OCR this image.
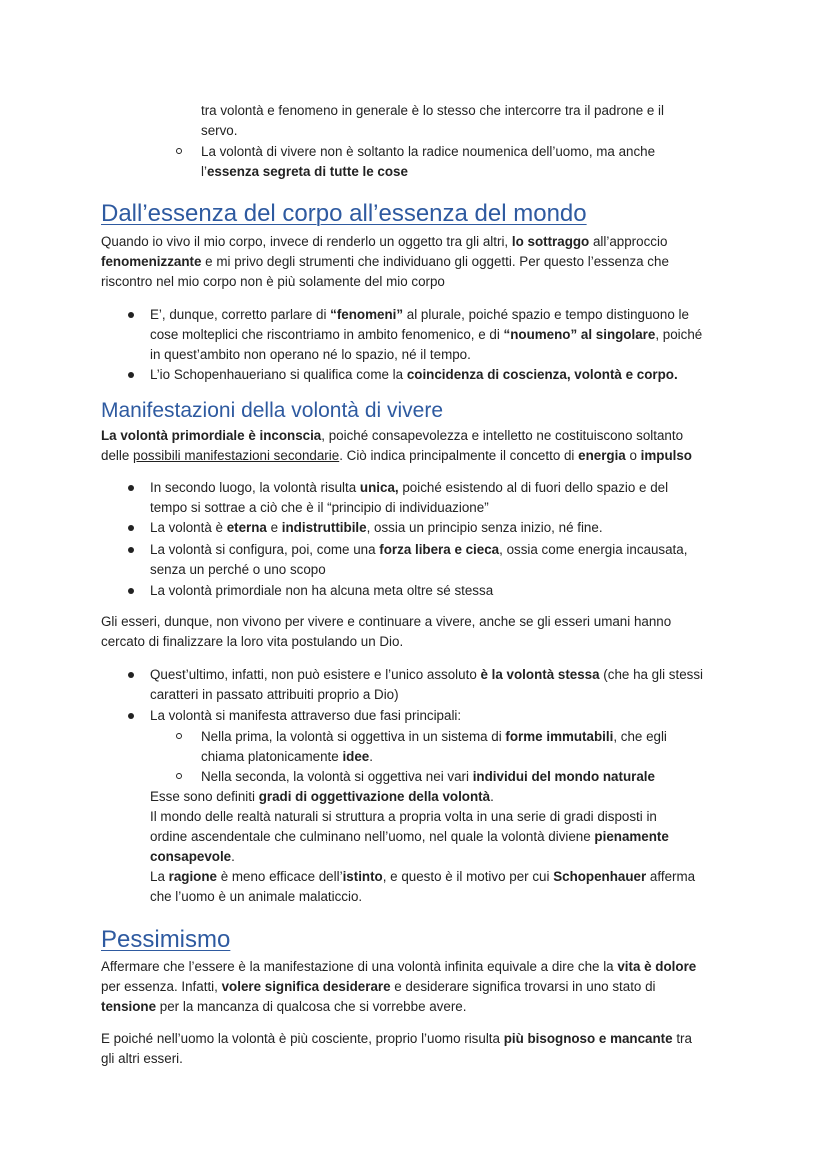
tra volontà e fenomeno in generale è lo stesso che intercorre tra il padrone e il

servo.

La volontà di vivere non è soltanto la radice noumenica dell’uomo, ma anche

l’essenza segreta di tutte le cose

Dall’essenza del corpo all’essenza del mondo

Quando io vivo il mio corpo, invece di renderlo un oggetto tra gli altri, lo sottraggo all’approccio

fenomenizzante e mi privo degli strumenti che individuano gli oggetti. Per questo l’essenza che

riscontro nel mio corpo non è più solamente del mio corpo

E’, dunque, corretto parlare di “fenomeni” al plurale, poiché spazio e tempo distinguono le

cose molteplici che riscontriamo in ambito fenomenico, e di “noumeno” al singolare, poiché

in quest’ambito non operano né lo spazio, né il tempo.

L’io Schopenhaueriano si qualifica come la coincidenza di coscienza, volontà e corpo.

Manifestazioni della volontà di vivere

La volontà primordiale è inconscia, poiché consapevolezza e intelletto ne costituiscono soltanto

delle possibili manifestazioni secondarie. Ciò indica principalmente il concetto di energia o impulso

In secondo luogo, la volontà risulta unica, poiché esistendo al di fuori dello spazio e del

tempo si sottrae a ciò che è il “principio di individuazione”

La volontà è eterna e indistruttibile, ossia un principio senza inizio, né fine.

La volontà si configura, poi, come una forza libera e cieca, ossia come energia incausata,

senza un perché o uno scopo

La volontà primordiale non ha alcuna meta oltre sé stessa

Gli esseri, dunque, non vivono per vivere e continuare a vivere, anche se gli esseri umani hanno

cercato di finalizzare la loro vita postulando un Dio.

Quest’ultimo, infatti, non può esistere e l’unico assoluto è la volontà stessa (che ha gli stessi

caratteri in passato attribuiti proprio a Dio)

La volontà si manifesta attraverso due fasi principali:

Nella prima, la volontà si oggettiva in un sistema di forme immutabili, che egli

chiama platonicamente idee.

Nella seconda, la volontà si oggettiva nei vari individui del mondo naturale

Esse sono definiti gradi di oggettivazione della volontà.

Il mondo delle realtà naturali si struttura a propria volta in una serie di gradi disposti in

ordine ascendentale che culminano nell’uomo, nel quale la volontà diviene pienamente

consapevole.

La ragione è meno efficace dell’istinto, e questo è il motivo per cui Schopenhauer afferma

che l’uomo è un animale malaticcio.

Pessimismo

Affermare che l’essere è la manifestazione di una volontà infinita equivale a dire che la vita è dolore

per essenza. Infatti, volere significa desiderare e desiderare significa trovarsi in uno stato di

tensione per la mancanza di qualcosa che si vorrebbe avere.

E poiché nell’uomo la volontà è più cosciente, proprio l’uomo risulta più bisognoso e mancante tra

gli altri esseri.
